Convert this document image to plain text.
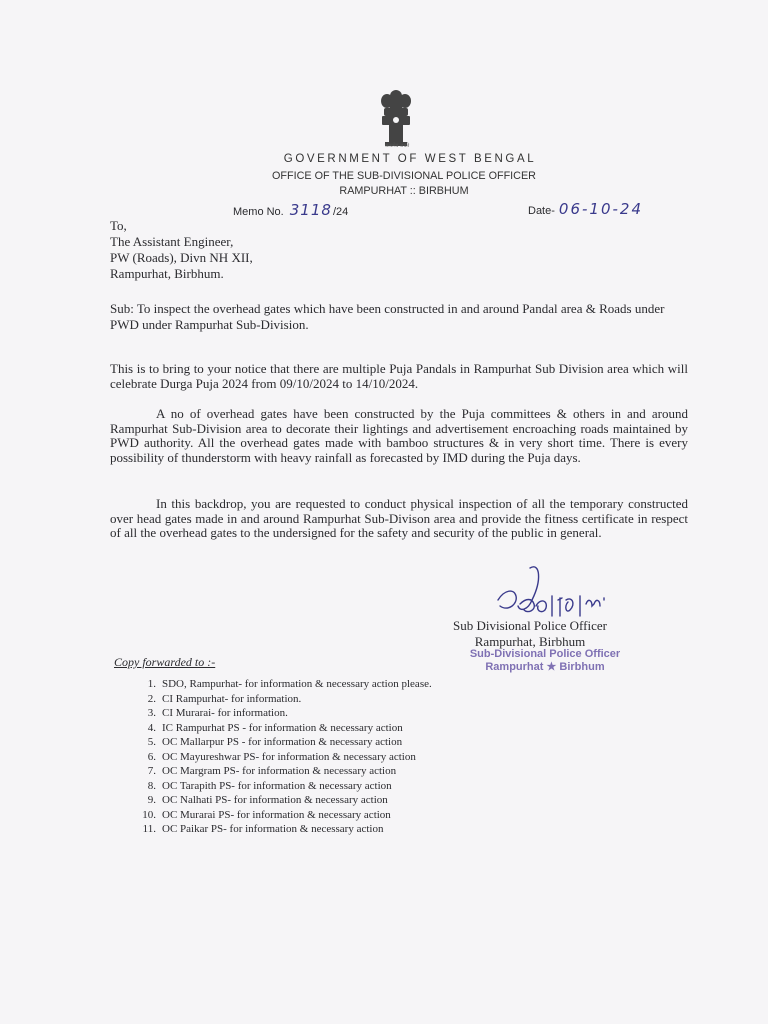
सत्यमेव जयते
GOVERNMENT OF WEST BENGAL
OFFICE OF THE SUB-DIVISIONAL POLICE OFFICER
RAMPURHAT :: BIRBHUM
Memo No. 3118/24	Date- 06-10-24
To,
The Assistant Engineer,
PW (Roads), Divn NH XII,
Rampurhat, Birbhum.
Sub: To inspect the overhead gates which have been constructed in and around Pandal area & Roads under PWD under Rampurhat Sub-Division.
This is to bring to your notice that there are multiple Puja Pandals in Rampurhat Sub Division area which will celebrate Durga Puja 2024 from 09/10/2024 to 14/10/2024.
A no of overhead gates have been constructed by the Puja committees & others in and around Rampurhat Sub-Division area to decorate their lightings and advertisement encroaching roads maintained by PWD authority. All the overhead gates made with bamboo structures & in very short time. There is every possibility of thunderstorm with heavy rainfall as forecasted by IMD during the Puja days.
In this backdrop, you are requested to conduct physical inspection of all the temporary constructed over head gates made in and around Rampurhat Sub-Divison area and provide the fitness certificate in respect of all the overhead gates to the undersigned for the safety and security of the public in general.
Sub Divisional Police Officer
Rampurhat, Birbhum
Sub-Divisional Police Officer
Rampurhat ★ Birbhum
Copy forwarded to :-
1. SDO, Rampurhat- for information & necessary action please.
2. CI Rampurhat- for information.
3. CI Murarai- for information.
4. IC Rampurhat PS - for information & necessary action
5. OC Mallarpur PS - for information & necessary action
6. OC Mayureshwar PS- for information & necessary action
7. OC Margram PS- for information & necessary action
8. OC Tarapith PS- for information & necessary action
9. OC Nalhati PS- for information & necessary action
10. OC Murarai PS- for information & necessary action
11. OC Paikar PS- for information & necessary action
